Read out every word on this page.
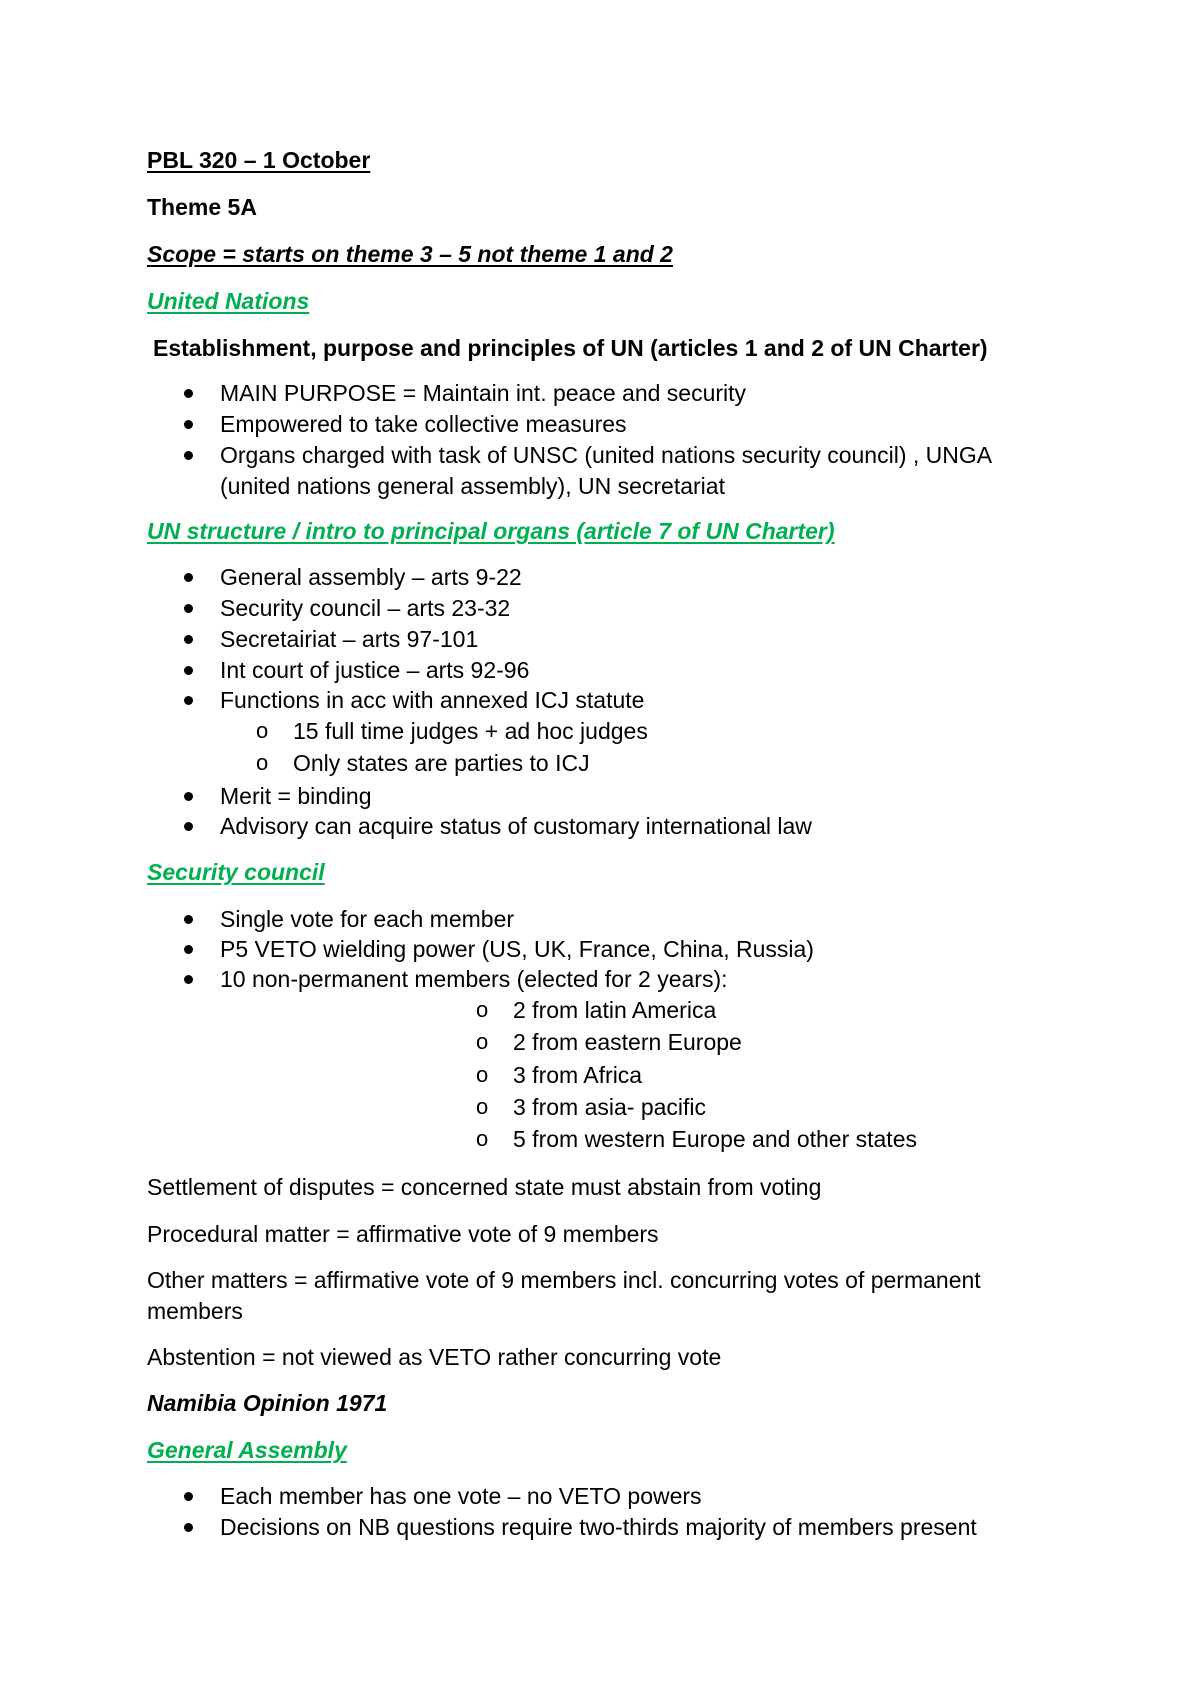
PBL 320 – 1 October
Theme 5A
Scope = starts on theme 3 – 5 not theme 1 and 2
United Nations
Establishment, purpose and principles of UN (articles 1 and 2 of UN Charter)
MAIN PURPOSE = Maintain int. peace and security
Empowered to take collective measures
Organs charged with task of UNSC (united nations security council) , UNGA
(united nations general assembly), UN secretariat
UN structure / intro to principal organs (article 7 of UN Charter)
General assembly – arts 9-22
Security council – arts 23-32
Secretairiat – arts 97-101
Int court of justice – arts 92-96
Functions in acc with annexed ICJ statute
o 15 full time judges + ad hoc judges
o Only states are parties to ICJ
Merit = binding
Advisory can acquire status of customary international law
Security council
Single vote for each member
P5 VETO wielding power (US, UK, France, China, Russia)
10 non-permanent members (elected for 2 years):
o 2 from latin America
o 2 from eastern Europe
o 3 from Africa
o 3 from asia- pacific
o 5 from western Europe and other states
Settlement of disputes = concerned state must abstain from voting
Procedural matter = affirmative vote of 9 members
Other matters = affirmative vote of 9 members incl. concurring votes of permanent
members
Abstention = not viewed as VETO rather concurring vote
Namibia Opinion 1971
General Assembly
Each member has one vote – no VETO powers
Decisions on NB questions require two-thirds majority of members present
